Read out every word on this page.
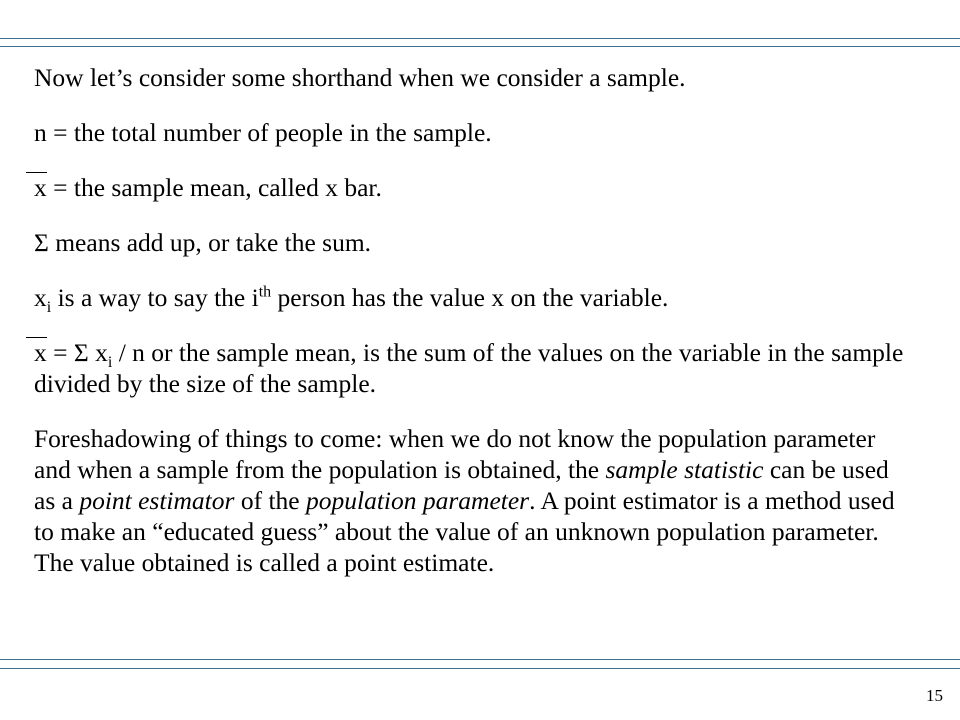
Now let’s consider some shorthand when we consider a sample.

n = the total number of people in the sample.

x = the sample mean, called x bar.

Σ means add up, or take the sum.

$x_i$ is a way to say the $i^{th}$ person has the value x on the variable.

x = Σ $x_i$ / n or the sample mean, is the sum of the values on the variable in the sample divided by the size of the sample.

Foreshadowing of things to come: when we do not know the population parameter and when a sample from the population is obtained, the sample statistic can be used as a point estimator of the population parameter. A point estimator is a method used to make an “educated guess” about the value of an unknown population parameter. The value obtained is called a point estimate.

15
